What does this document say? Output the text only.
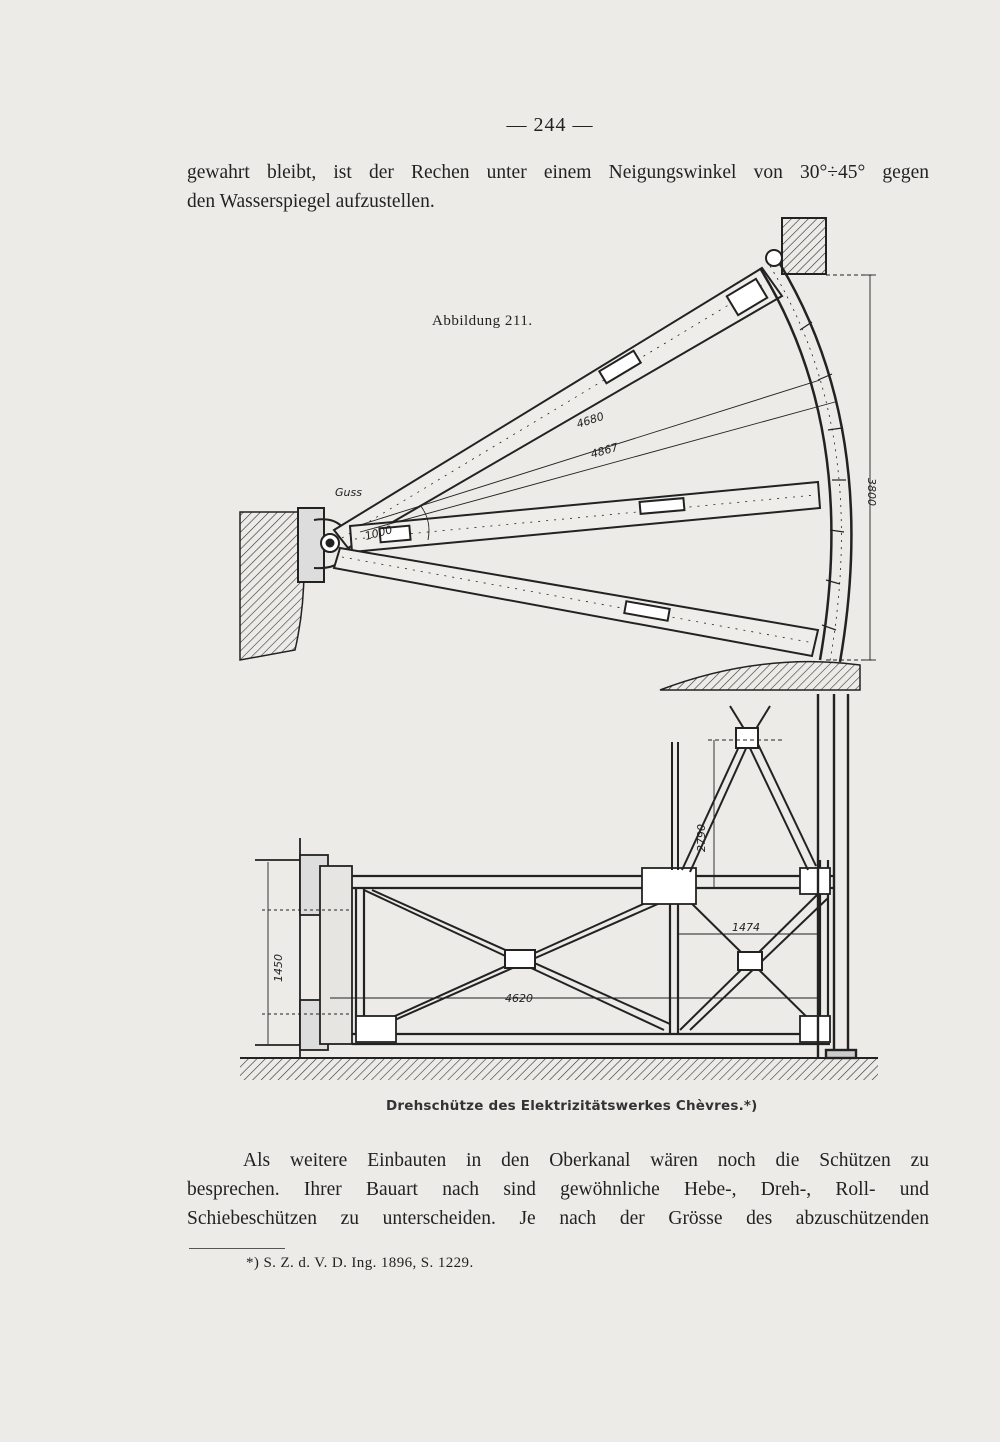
— 244 —
gewahrt bleibt, ist der Rechen unter einem Neigungswinkel von 30°÷45° gegen
den Wasserspiegel aufzustellen.
Abbildung 211.
Guss
1000
4680
4867
3800
2790
1474
1450
4620
Drehschütze des Elektrizitätswerkes Chèvres.*)
Als weitere Einbauten in den Oberkanal wären noch die Schützen zu
besprechen. Ihrer Bauart nach sind gewöhnliche Hebe-, Dreh-, Roll- und
Schiebeschützen zu unterscheiden. Je nach der Grösse des abzuschützenden
*) S. Z. d. V. D. Ing. 1896, S. 1229.
